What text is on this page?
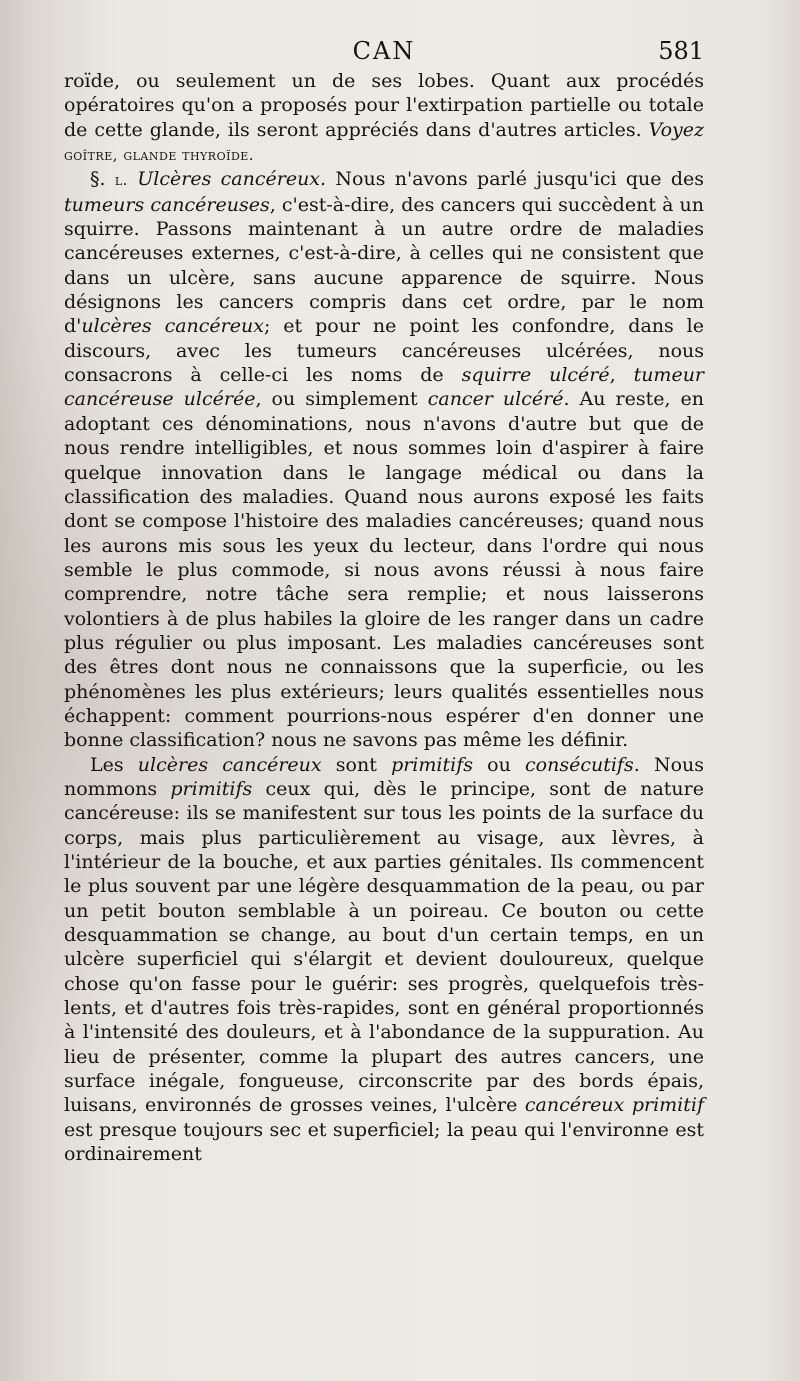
CAN	581

roïde, ou seulement un de ses lobes. Quant aux procédés opératoires qu'on a proposés pour l'extirpation partielle ou totale de cette glande, ils seront appréciés dans d'autres articles. Voyez goître, glande thyroïde.

§. l. Ulcères cancéreux. Nous n'avons parlé jusqu'ici que des tumeurs cancéreuses, c'est-à-dire, des cancers qui succèdent à un squirre. Passons maintenant à un autre ordre de maladies cancéreuses externes, c'est-à-dire, à celles qui ne consistent que dans un ulcère, sans aucune apparence de squirre. Nous désignons les cancers compris dans cet ordre, par le nom d'ulcères cancéreux; et pour ne point les confondre, dans le discours, avec les tumeurs cancéreuses ulcérées, nous consacrons à celle-ci les noms de squirre ulcéré, tumeur cancéreuse ulcérée, ou simplement cancer ulcéré. Au reste, en adoptant ces dénominations, nous n'avons d'autre but que de nous rendre intelligibles, et nous sommes loin d'aspirer à faire quelque innovation dans le langage médical ou dans la classification des maladies. Quand nous aurons exposé les faits dont se compose l'histoire des maladies cancéreuses; quand nous les aurons mis sous les yeux du lecteur, dans l'ordre qui nous semble le plus commode, si nous avons réussi à nous faire comprendre, notre tâche sera remplie; et nous laisserons volontiers à de plus habiles la gloire de les ranger dans un cadre plus régulier ou plus imposant. Les maladies cancéreuses sont des êtres dont nous ne connaissons que la superficie, ou les phénomènes les plus extérieurs; leurs qualités essentielles nous échappent: comment pourrions-nous espérer d'en donner une bonne classification? nous ne savons pas même les définir.

Les ulcères cancéreux sont primitifs ou consécutifs. Nous nommons primitifs ceux qui, dès le principe, sont de nature cancéreuse: ils se manifestent sur tous les points de la surface du corps, mais plus particulièrement au visage, aux lèvres, à l'intérieur de la bouche, et aux parties génitales. Ils commencent le plus souvent par une légère desquammation de la peau, ou par un petit bouton semblable à un poireau. Ce bouton ou cette desquammation se change, au bout d'un certain temps, en un ulcère superficiel qui s'élargit et devient douloureux, quelque chose qu'on fasse pour le guérir: ses progrès, quelquefois très-lents, et d'autres fois très-rapides, sont en général proportionnés à l'intensité des douleurs, et à l'abondance de la suppuration. Au lieu de présenter, comme la plupart des autres cancers, une surface inégale, fongueuse, circonscrite par des bords épais, luisans, environnés de grosses veines, l'ulcère cancéreux primitif est presque toujours sec et superficiel; la peau qui l'environne est ordinairement
